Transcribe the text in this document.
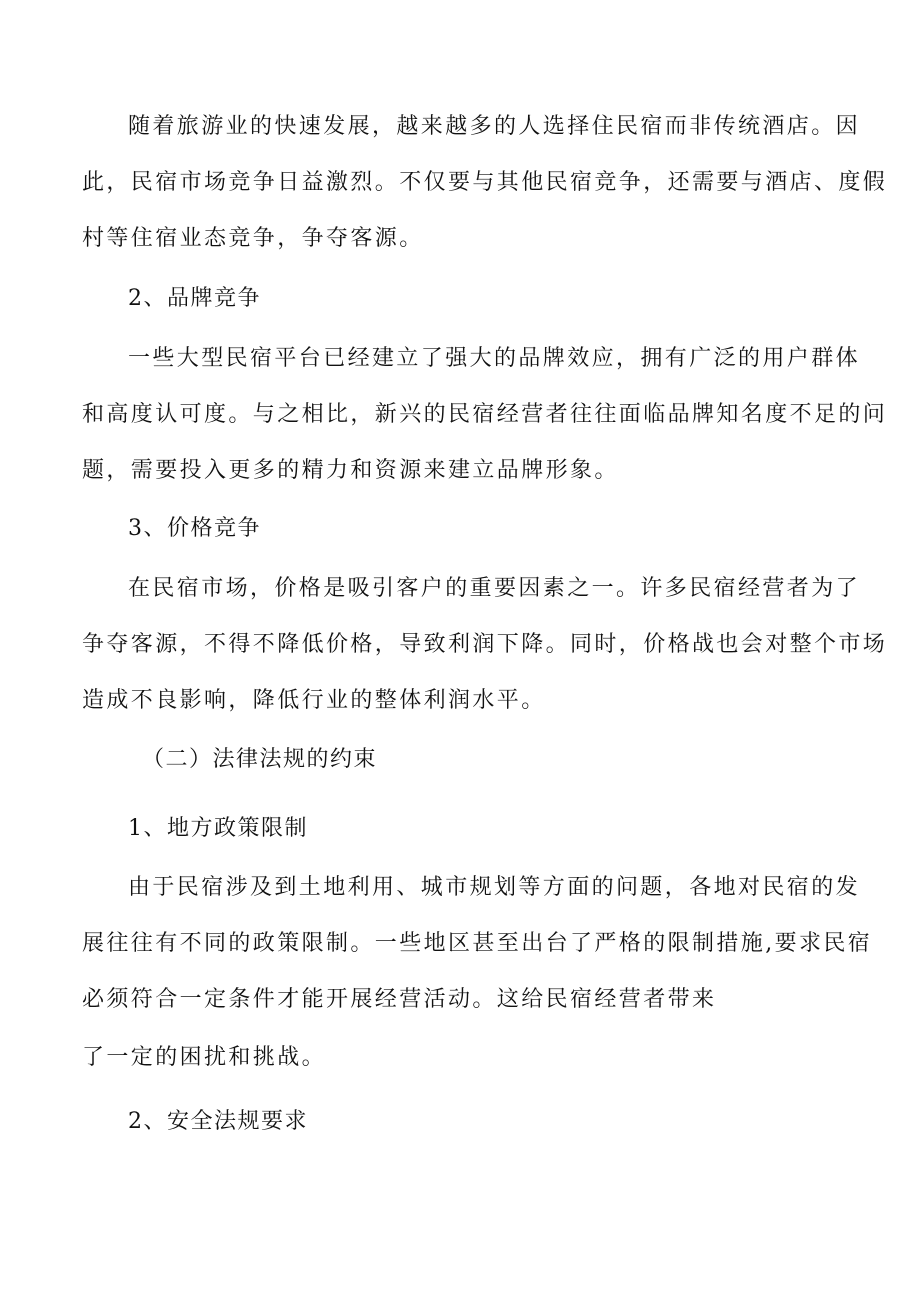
随着旅游业的快速发展，越来越多的人选择住民宿而非传统酒店。因
此，民宿市场竞争日益激烈。不仅要与其他民宿竞争，还需要与酒店、度假
村等住宿业态竞争，争夺客源。
2、品牌竞争
一些大型民宿平台已经建立了强大的品牌效应，拥有广泛的用户群体
和高度认可度。与之相比，新兴的民宿经营者往往面临品牌知名度不足的问
题，需要投入更多的精力和资源来建立品牌形象。
3、价格竞争
在民宿市场，价格是吸引客户的重要因素之一。许多民宿经营者为了
争夺客源，不得不降低价格，导致利润下降。同时，价格战也会对整个市场
造成不良影响，降低行业的整体利润水平。
（二）法律法规的约束
1、地方政策限制
由于民宿涉及到土地利用、城市规划等方面的问题，各地对民宿的发
展往往有不同的政策限制。一些地区甚至出台了严格的限制措施,要求民宿
必须符合一定条件才能开展经营活动。这给民宿经营者带来
了一定的困扰和挑战。
2、安全法规要求
